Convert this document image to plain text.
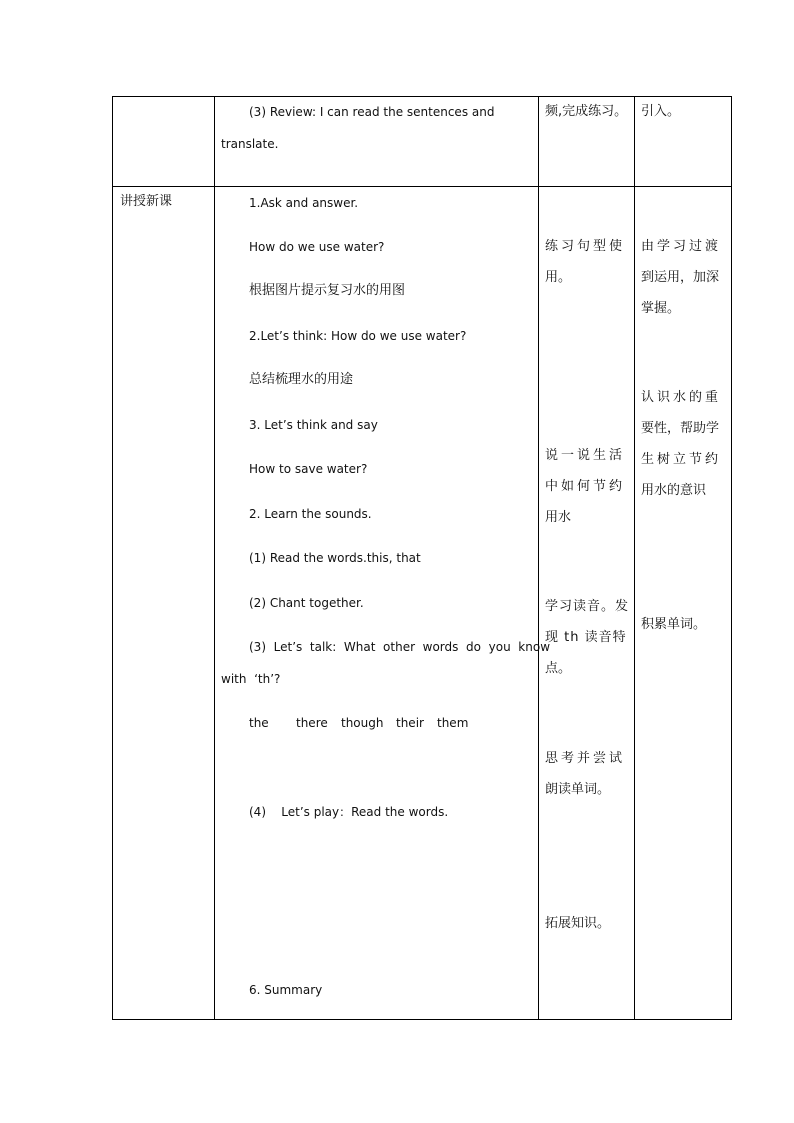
(3) Review: I can read the sentences and
translate.
频,完成练习。 引入。
讲授新课	1.Ask and answer.
How do we use water?
根据图片提示复习水的用图
2.Let’s think: How do we use water?
总结梳理水的用途
3. Let’s think and say
How to save water?
2. Learn the sounds.
(1) Read the words.this, that
(2) Chant together.
(3)  Let’s  talk:  What  other  words  do  you  know
with  ‘th’?
the there though their them
(4)    Let’s play：Read the words.
6. Summary
练习句型使
用。
说一说生活
中如何节约
用水
学习读音。发
现 th 读音特
点。
思考并尝试
朗读单词。
拓展知识。
由学习过渡
到运用，加深
掌握。
认识水的重
要性，帮助学
生树立节约
用水的意识
积累单词。
